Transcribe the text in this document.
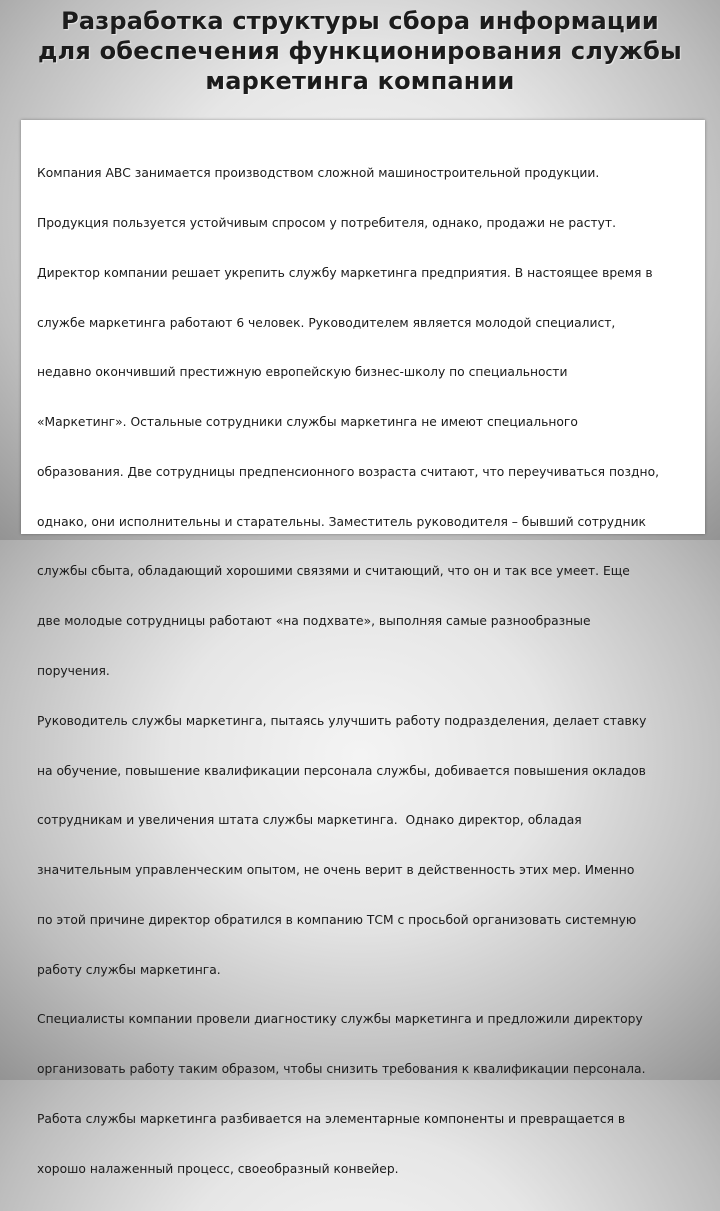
Разработка структуры сбора информации
для обеспечения функционирования службы
маркетинга компании

Компания АВС занимается производством сложной машиностроительной продукции.

Продукция пользуется устойчивым спросом у потребителя, однако, продажи не растут.

Директор компании решает укрепить службу маркетинга предприятия. В настоящее время в

службе маркетинга работают 6 человек. Руководителем является молодой специалист,

недавно окончивший престижную европейскую бизнес-школу по специальности

«Маркетинг». Остальные сотрудники службы маркетинга не имеют специального

образования. Две сотрудницы предпенсионного возраста считают, что переучиваться поздно,

однако, они исполнительны и старательны. Заместитель руководителя – бывший сотрудник

службы сбыта, обладающий хорошими связями и считающий, что он и так все умеет. Еще

две молодые сотрудницы работают «на подхвате», выполняя самые разнообразные

поручения.

Руководитель службы маркетинга, пытаясь улучшить работу подразделения, делает ставку

на обучение, повышение квалификации персонала службы, добивается повышения окладов

сотрудникам и увеличения штата службы маркетинга.  Однако директор, обладая

значительным управленческим опытом, не очень верит в действенность этих мер. Именно

по этой причине директор обратился в компанию ТСМ с просьбой организовать системную

работу службы маркетинга.

Специалисты компании провели диагностику службы маркетинга и предложили директору

организовать работу таким образом, чтобы снизить требования к квалификации персонала.

Работа службы маркетинга разбивается на элементарные компоненты и превращается в

хорошо налаженный процесс, своеобразный конвейер.
